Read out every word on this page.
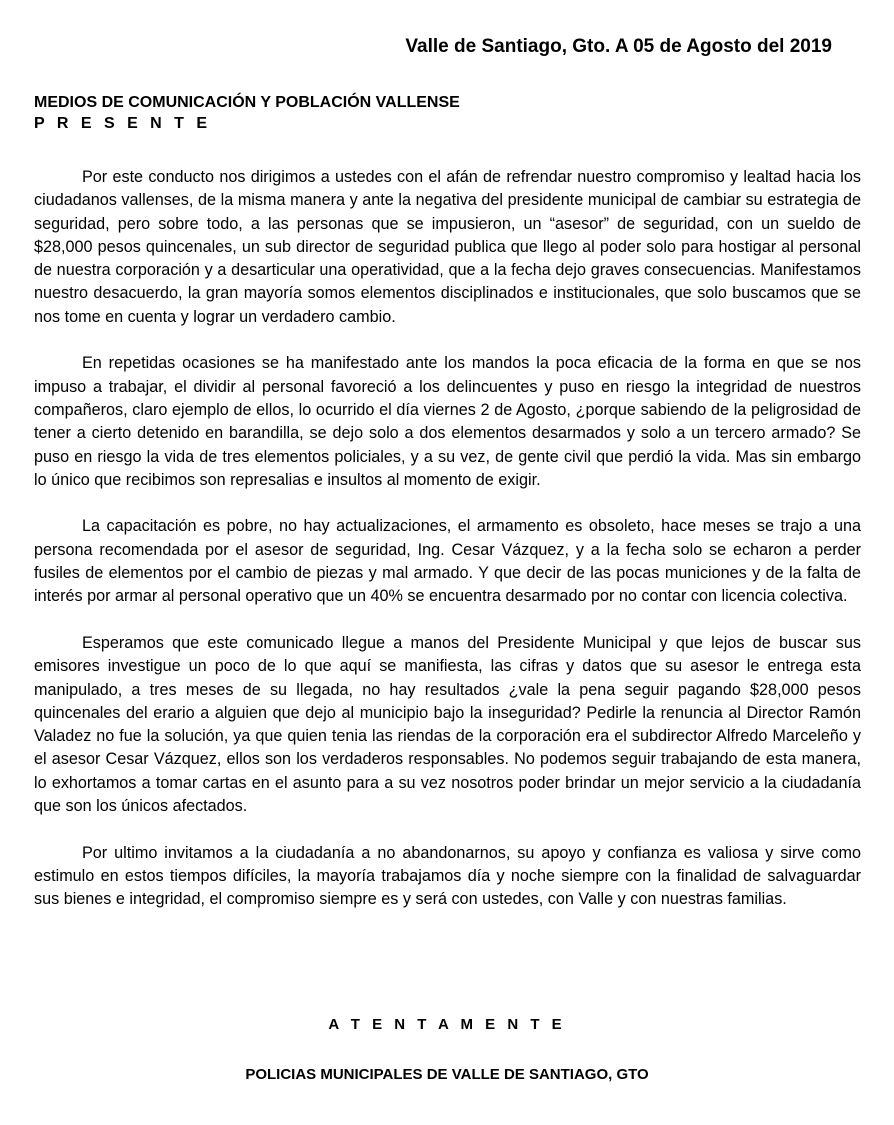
Valle de Santiago, Gto. A 05 de Agosto del 2019
MEDIOS DE COMUNICACIÓN Y POBLACIÓN VALLENSE
P R E S E N T E

Por este conducto nos dirigimos a ustedes con el afán de refrendar nuestro compromiso y lealtad hacia los ciudadanos vallenses, de la misma manera y ante la negativa del presidente municipal de cambiar su estrategia de seguridad, pero sobre todo, a las personas que se impusieron, un “asesor” de seguridad, con un sueldo de $28,000 pesos quincenales, un sub director de seguridad publica que llego al poder solo para hostigar al personal de nuestra corporación y a desarticular una operatividad, que a la fecha dejo graves consecuencias. Manifestamos nuestro desacuerdo, la gran mayoría somos elementos disciplinados e institucionales, que solo buscamos que se nos tome en cuenta y lograr un verdadero cambio.

En repetidas ocasiones se ha manifestado ante los mandos la poca eficacia de la forma en que se nos impuso a trabajar, el dividir al personal favoreció a los delincuentes y puso en riesgo la integridad de nuestros compañeros, claro ejemplo de ellos, lo ocurrido el día viernes 2 de Agosto, ¿porque sabiendo de la peligrosidad de tener a cierto detenido en barandilla, se dejo solo a dos elementos desarmados y solo a un tercero armado? Se puso en riesgo la vida de tres elementos policiales, y a su vez, de gente civil que perdió la vida. Mas sin embargo lo único que recibimos son represalias e insultos al momento de exigir.

La capacitación es pobre, no hay actualizaciones, el armamento es obsoleto, hace meses se trajo a una persona recomendada por el asesor de seguridad, Ing. Cesar Vázquez, y a la fecha solo se echaron a perder fusiles de elementos por el cambio de piezas y mal armado. Y que decir de las pocas municiones y de la falta de interés por armar al personal operativo que un 40% se encuentra desarmado por no contar con licencia colectiva.

Esperamos que este comunicado llegue a manos del Presidente Municipal y que lejos de buscar sus emisores investigue un poco de lo que aquí se manifiesta, las cifras y datos que su asesor le entrega esta manipulado, a tres meses de su llegada, no hay resultados ¿vale la pena seguir pagando $28,000 pesos quincenales del erario a alguien que dejo al municipio bajo la inseguridad? Pedirle la renuncia al Director Ramón Valadez no fue la solución, ya que quien tenia las riendas de la corporación era el subdirector Alfredo Marceleño y el asesor Cesar Vázquez, ellos son los verdaderos responsables. No podemos seguir trabajando de esta manera, lo exhortamos a tomar cartas en el asunto para a su vez nosotros poder brindar un mejor servicio a la ciudadanía que son los únicos afectados.

Por ultimo invitamos a la ciudadanía a no abandonarnos, su apoyo y confianza es valiosa y sirve como estimulo en estos tiempos difíciles, la mayoría trabajamos día y noche siempre con la finalidad de salvaguardar sus bienes e integridad, el compromiso siempre es y será con ustedes, con Valle y con nuestras familias.

A T E N T A M E N T E
POLICIAS MUNICIPALES DE VALLE DE SANTIAGO, GTO
